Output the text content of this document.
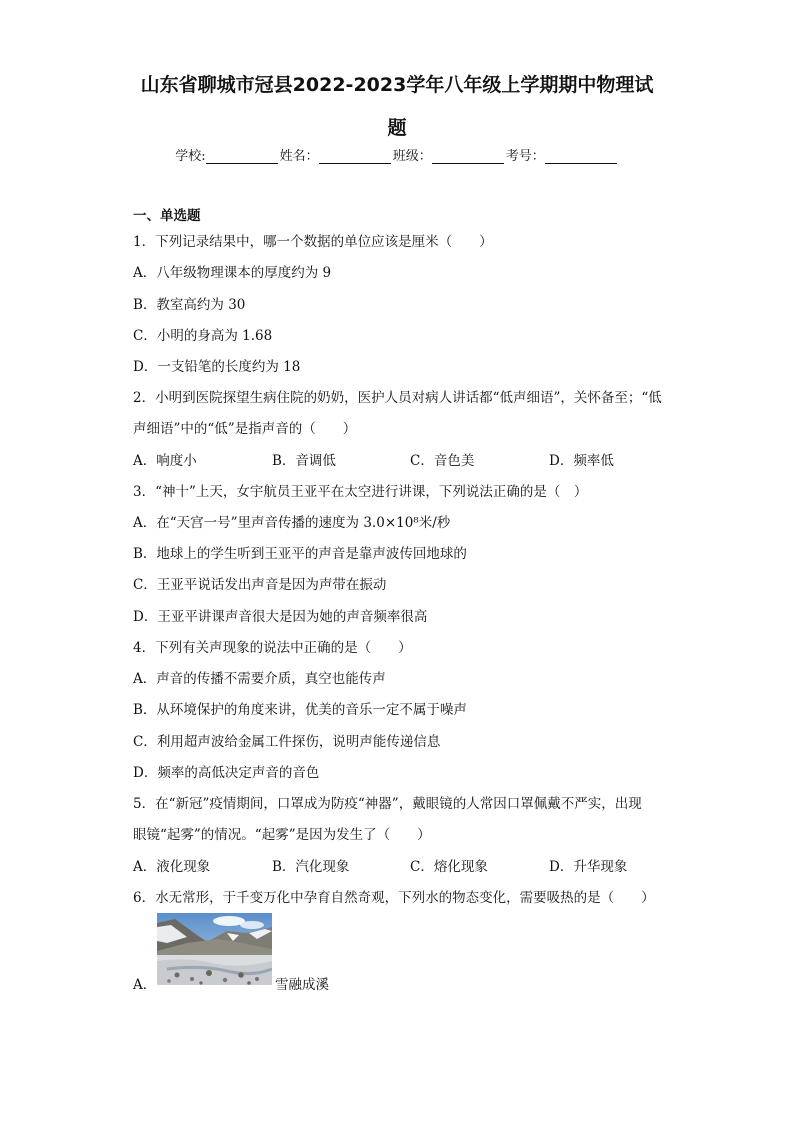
山东省聊城市冠县2022-2023学年八年级上学期期中物理试
题
学校:	姓名：	班级：	考号：
一、单选题
1．下列记录结果中，哪一个数据的单位应该是厘米（　　）
A．八年级物理课本的厚度约为 9
B．教室高约为 30
C．小明的身高为 1.68
D．一支铅笔的长度约为 18
2．小明到医院探望生病住院的奶奶，医护人员对病人讲话都“低声细语”，关怀备至；“低
声细语”中的“低”是指声音的（　　）
A．响度小	B．音调低	C．音色美	D．频率低
3．“神十”上天，女宇航员王亚平在太空进行讲课，下列说法正确的是（　）
A．在“天宫一号”里声音传播的速度为 3.0×10⁸米/秒
B．地球上的学生听到王亚平的声音是靠声波传回地球的
C．王亚平说话发出声音是因为声带在振动
D．王亚平讲课声音很大是因为她的声音频率很高
4．下列有关声现象的说法中正确的是（　　）
A．声音的传播不需要介质，真空也能传声
B．从环境保护的角度来讲，优美的音乐一定不属于噪声
C．利用超声波给金属工件探伤，说明声能传递信息
D．频率的高低决定声音的音色
5．在“新冠”疫情期间，口罩成为防疫“神器”，戴眼镜的人常因口罩佩戴不严实，出现
眼镜“起雾”的情况。“起雾”是因为发生了（　　）
A．液化现象	B．汽化现象	C．熔化现象	D．升华现象
6．水无常形，于千变万化中孕育自然奇观，下列水的物态变化，需要吸热的是（　　）
A．	雪融成溪
